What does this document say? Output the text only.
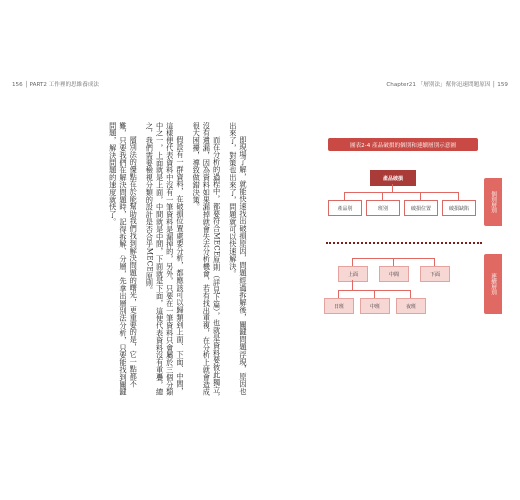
156 │ PART2 工作裡的思維養成法

即現場了解，就能快速找出破損原因，問題經過拆解後，關鍵問題浮現，原因也出來了，對策也出來了，問題就可以快速解決。

而在分析的過程中，都要符合MECE原則（詳見下篇），也就是資料要彼此獨立，沒有遺漏，因為資料如果漏掉就會失去分析機會，若有找出重複，在分析上就會造成很大困擾，導致做錯決策。

假設有一群資料，在破損位置處要分析，都應該可以歸類到上面、下面、中間，這樣便代表資料中沒有一筆資料是漏掉的，另外，只要在一筆資料只會屬於三個分類中之一，上面就是上面，中間就是中間，下面就是下面，這便代表資料沒有重疊，總之，我們需要檢視分類的設計是否合乎MECE原則。

層別法的優點在於能幫助我們找到解決問題的曙光，更重要的是，它一點都不難，只要我們在解決問題時，記得拆解、分層，先拿出層別法分析，只要能找到關鍵問題，解決問題的速度就快了。

Chapter21 「層別法」幫你迅速問題原因 │ 159
圖表2-4 產品破損的個別和連續層別示意圖
產品破損
產品別	班別	破損位置	破損缺陷	個別層別
上面	中間	下面
日班	中班	夜班
連續層別
